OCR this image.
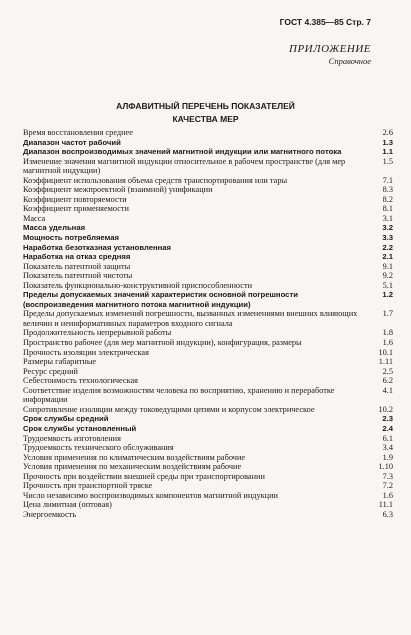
ГОСТ 4.385—85 Стр. 7
ПРИЛОЖЕНИЕ
Справочное
АЛФАВИТНЫЙ ПЕРЕЧЕНЬ ПОКАЗАТЕЛЕЙ
КАЧЕСТВА МЕР
Время восстановления среднее	2.6
Диапазон частот рабочий	1.3
Диапазон воспроизводимых значений магнитной индукции или магнитного потока	1.1
Изменение значения магнитной индукции относительное в рабочем пространстве (для мер магнитной индукции)
1.5
Коэффициент использования объема средств транспортирования или тары	7.1
Коэффициент межпроектной (взаимной) унификации	8.3
Коэффициент повторяемости	8.2
Коэффициент применяемости	8.1
Масса	3.1
Масса удельная	3.2
Мощность потребляемая	3.3
Наработка безотказная установленная	2.2
Наработка на отказ средняя	2.1
Показатель патентной защиты	9.1
Показатель патентной чистоты	9.2
Показатель функционально-конструктивной приспособленности	5.1
Пределы допускаемых значений характеристик основной погрешности (воспроизведения магнитного потока магнитной индукции)
1.2
Пределы допускаемых изменений погрешности, вызванных изменениями внешних влияющих величин и неинформативных параметров входного сигнала
1.7
Продолжительность непрерывной работы	1.8
Пространство рабочее (для мер магнитной индукции), конфигурация, размеры	1.6
Прочность изоляции электрическая	10.1
Размеры габаритные	1.11
Ресурс средний	2.5
Себестоимость технологическая	6.2
Соответствие изделия возможностям человека по восприятию, хранению и переработке информации
4.1
Сопротивление изоляции между токоведущими цепями и корпусом электрическое	10.2
Срок службы средний	2.3
Срок службы установленный	2.4
Трудоемкость изготовления	6.1
Трудоемкость технического обслуживания	3.4
Условия применения по климатическим воздействиям рабочие	1.9
Условия применения по механическим воздействиям рабочие	1.10
Прочность при воздействии внешней среды при транспортировании	7.3
Прочность при транспортной тряске	7.2
Число независимо воспроизводимых компонентов магнитной индукции	1.6
Цена лимитная (оптовая)	11.1
Энергоемкость	6.3
